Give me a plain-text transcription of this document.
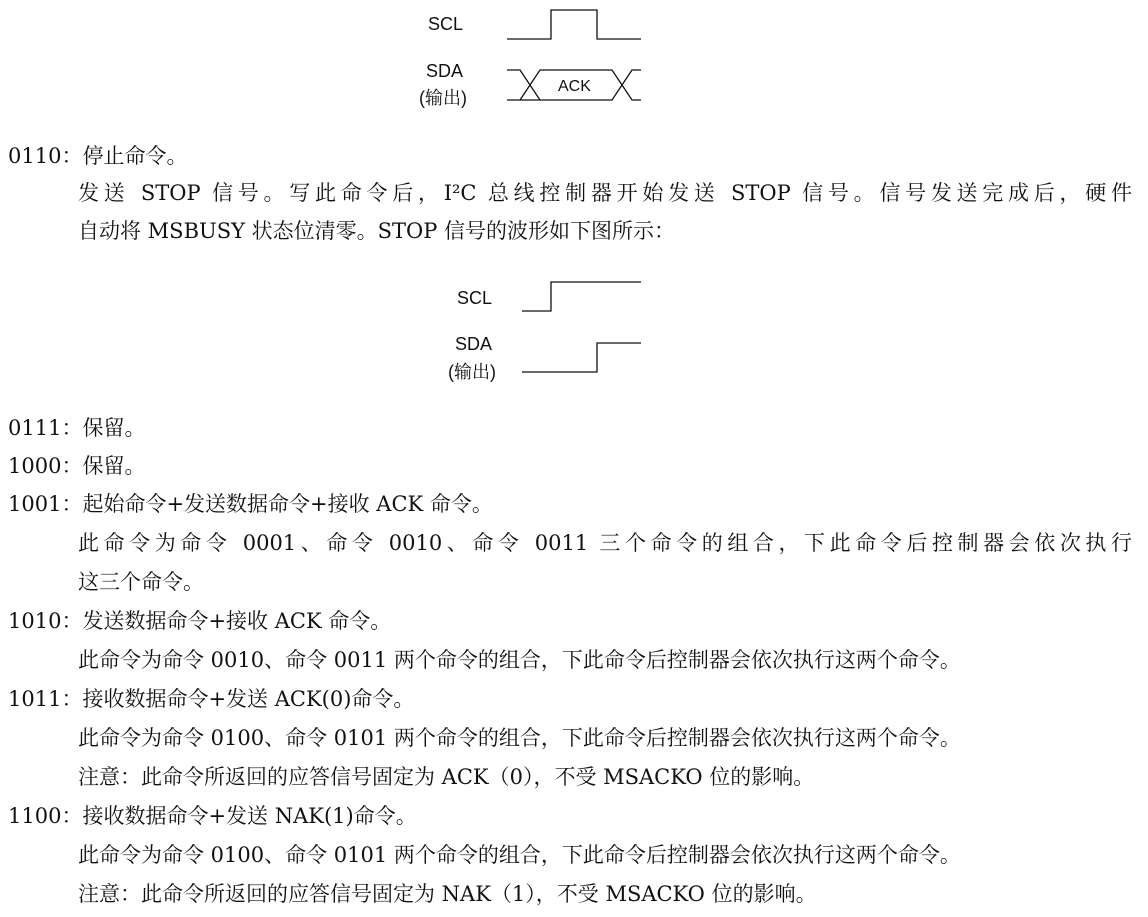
SCL
SDA
(输出)
ACK
SCL
SDA
(输出)
0110：停止命令。
发送 STOP 信号。写此命令后，I²C 总线控制器开始发送 STOP 信号。信号发送完成后，硬件
自动将 MSBUSY 状态位清零。STOP 信号的波形如下图所示：
0111：保留。
1000：保留。
1001：起始命令+发送数据命令+接收 ACK 命令。
此命令为命令 0001、命令 0010、命令 0011 三个命令的组合，下此命令后控制器会依次执行
这三个命令。
1010：发送数据命令+接收 ACK 命令。
此命令为命令 0010、命令 0011 两个命令的组合，下此命令后控制器会依次执行这两个命令。
1011：接收数据命令+发送 ACK(0)命令。
此命令为命令 0100、命令 0101 两个命令的组合，下此命令后控制器会依次执行这两个命令。
注意：此命令所返回的应答信号固定为 ACK（0），不受 MSACKO 位的影响。
1100：接收数据命令+发送 NAK(1)命令。
此命令为命令 0100、命令 0101 两个命令的组合，下此命令后控制器会依次执行这两个命令。
注意：此命令所返回的应答信号固定为 NAK（1），不受 MSACKO 位的影响。
